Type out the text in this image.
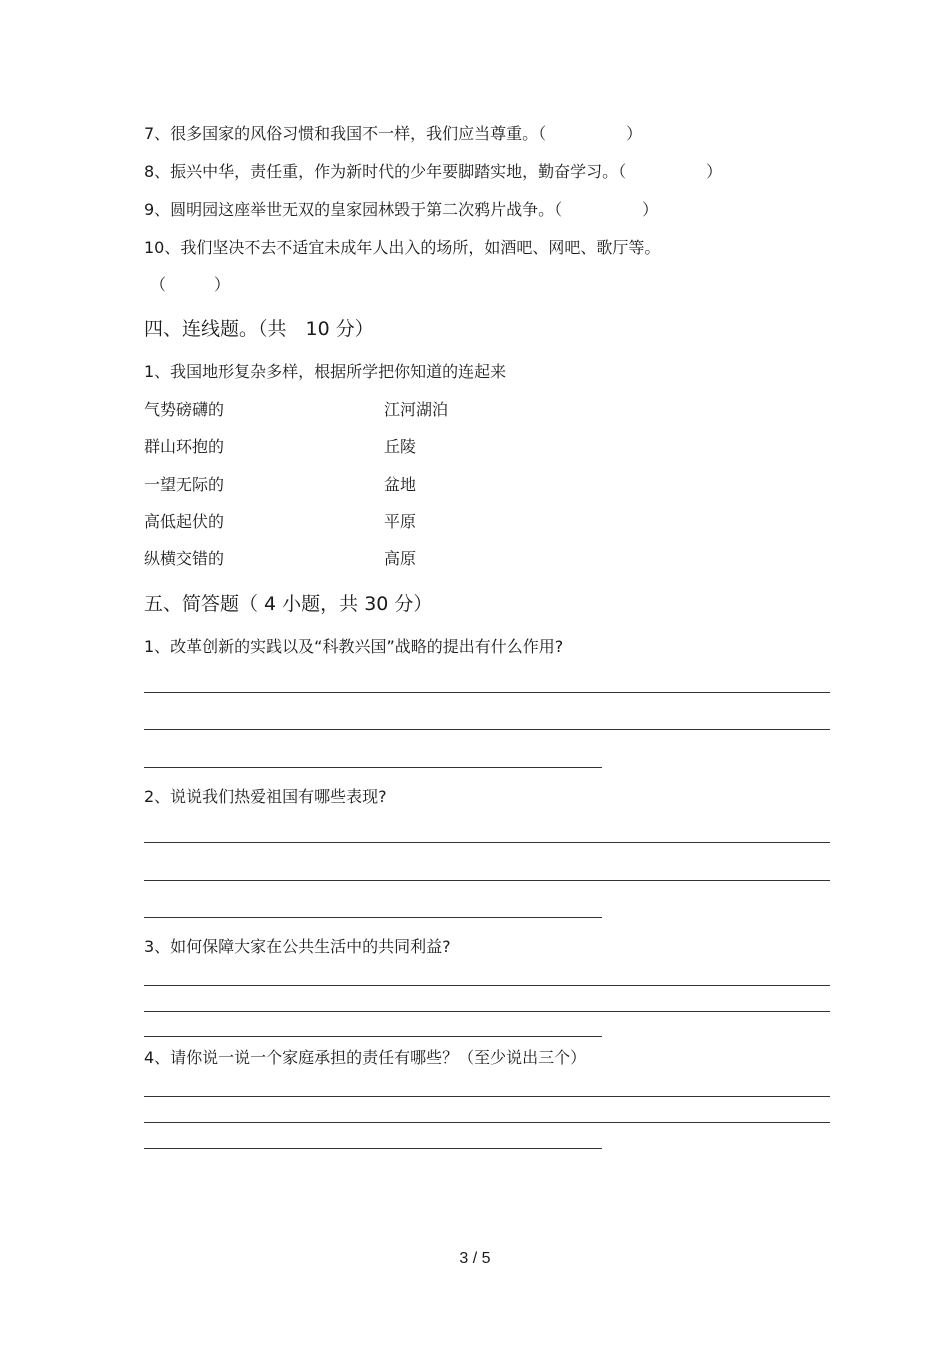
7、很多国家的风俗习惯和我国不一样，我们应当尊重。（　　　　　）
8、振兴中华，责任重，作为新时代的少年要脚踏实地，勤奋学习。（　　　　　）
9、圆明园这座举世无双的皇家园林毁于第二次鸦片战争。（　　　　　）
10、我们坚决不去不适宜未成年人出入的场所，如酒吧、网吧、歌厅等。
（　　　）
四、连线题。（共　10 分）
1、我国地形复杂多样，根据所学把你知道的连起来
气势磅礴的	江河湖泊
群山环抱的	丘陵
一望无际的	盆地
高低起伏的	平原
纵横交错的	高原
五、简答题（ 4 小题，共 30 分）
1、改革创新的实践以及“科教兴国”战略的提出有什么作用?
2、说说我们热爱祖国有哪些表现?
3、如何保障大家在公共生活中的共同利益?
4、请你说一说一个家庭承担的责任有哪些？（至少说出三个）
3 / 5
